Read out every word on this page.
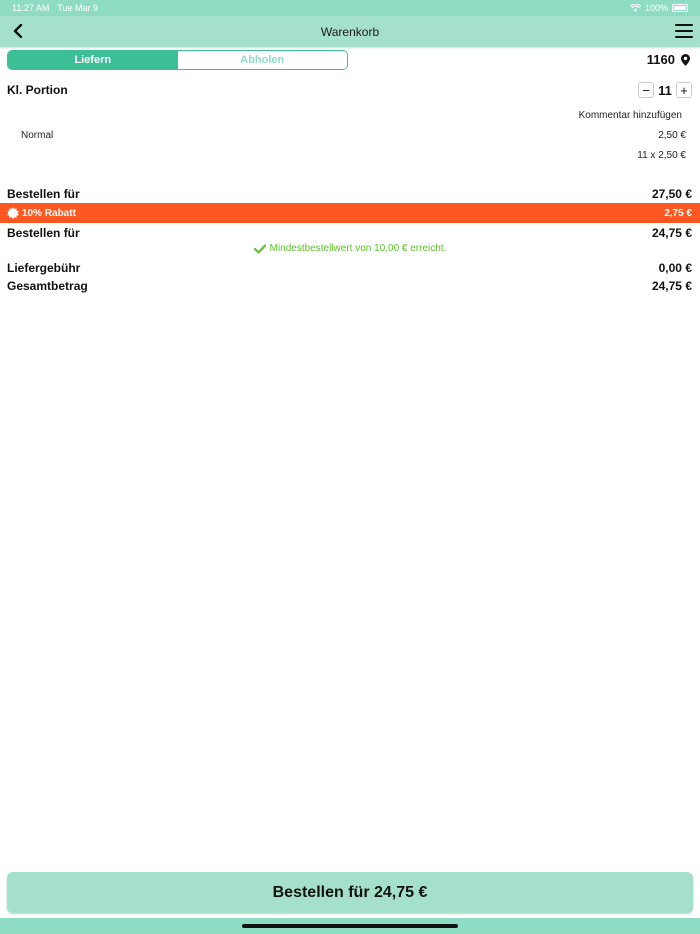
11:27 AM Tue Mar 9	100%
Warenkorb
Liefern	Abholen	1160
Kl. Portion	− 11 +
Kommentar hinzufügen
Normal	2,50 €
11 x 2,50 €
Bestellen für	27,50 €
10% Rabatt	2,75 €
Bestellen für	24,75 €
Mindestbestellwert von 10,00 € erreicht.
Liefergebühr	0,00 €
Gesamtbetrag	24,75 €
Bestellen für 24,75 €
